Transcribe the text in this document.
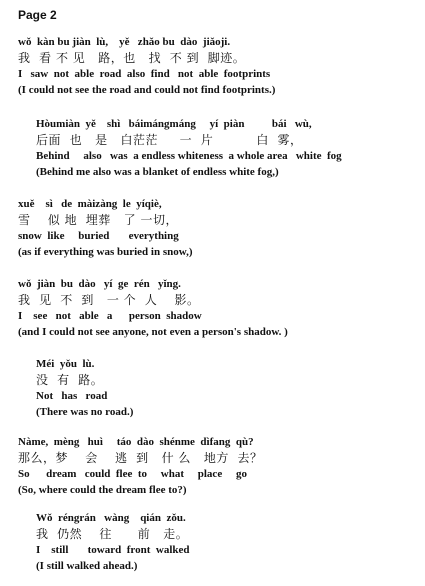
Page 2
wǒ  kàn bu jiàn  lù,    yě   zhǎo bu  dào  jiǎoji.
我  看 不 见   路，也   找  不 到  脚迹。
I   saw  not  able  road  also  find   not  able  footprints
(I could not see the road and could not find footprints.)
Hòumiàn  yě    shì   báimángmáng     yí  piàn          bái   wù,
后面  也   是   白茫茫     一  片          白  雾，
Behind     also   was  a endless whiteness  a whole area   white  fog
(Behind me also was a blanket of endless white fog,)
xuě    sì   de  màizàng  le  yíqiè,
雪    似 地  埋葬   了 一切，
snow  like     buried       everything
(as if everything was buried in snow,)
wǒ  jiàn  bu  dào   yí  ge  rén   yǐng.
我  见  不  到   一 个  人    影。
I    see   not   able   a      person  shadow
(and I could not see anyone, not even a person's shadow. )
Méi  yǒu  lù.
没  有  路。
Not   has   road
(There was no road.)
Nàme,  mèng   huì     táo  dào  shénme  dìfang  qù?
那么，梦    会    逃  到   什 么   地方  去？
So      dream   could  flee  to     what     place     go
(So, where could the dream flee to?)
Wǒ  réngrán   wàng    qián  zǒu.
我  仍然    往      前   走。
I    still       toward  front  walked
(I still walked ahead.)
